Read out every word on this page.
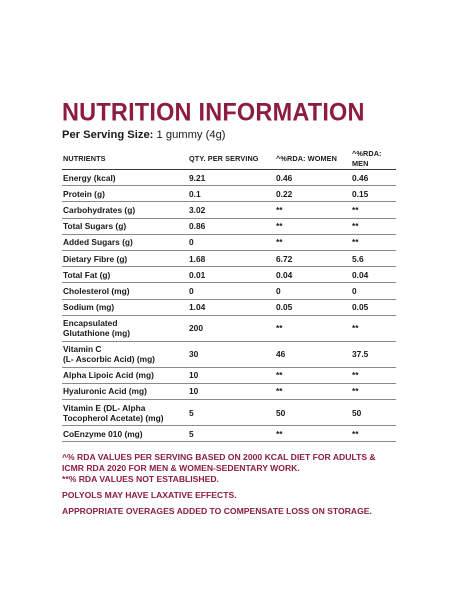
NUTRITION INFORMATION
Per Serving Size: 1 gummy (4g)
NUTRIENTS	QTY. PER SERVING	^%RDA: WOMEN	^%RDA: MEN
Energy (kcal)	9.21	0.46	0.46
Protein (g)	0.1	0.22	0.15
Carbohydrates (g)	3.02	**	**
Total Sugars (g)	0.86	**	**
Added Sugars (g)	0	**	**
Dietary Fibre (g)	1.68	6.72	5.6
Total Fat (g)	0.01	0.04	0.04
Cholesterol (mg)	0	0	0
Sodium (mg)	1.04	0.05	0.05
Encapsulated
Glutathione (mg)	200	**	**
Vitamin C
(L- Ascorbic Acid) (mg)	30	46	37.5
Alpha Lipoic Acid (mg)	10	**	**
Hyaluronic Acid (mg)	10	**	**
Vitamin E (DL- Alpha
Tocopherol Acetate) (mg)	5	50	50
CoEnzyme 010 (mg)	5	**	**

^% RDA VALUES PER SERVING BASED ON 2000 KCAL DIET FOR ADULTS & ICMR RDA 2020 FOR MEN & WOMEN-SEDENTARY WORK.

**% RDA VALUES NOT ESTABLISHED.

POLYOLS MAY HAVE LAXATIVE EFFECTS.

APPROPRIATE OVERAGES ADDED TO COMPENSATE LOSS ON STORAGE.
